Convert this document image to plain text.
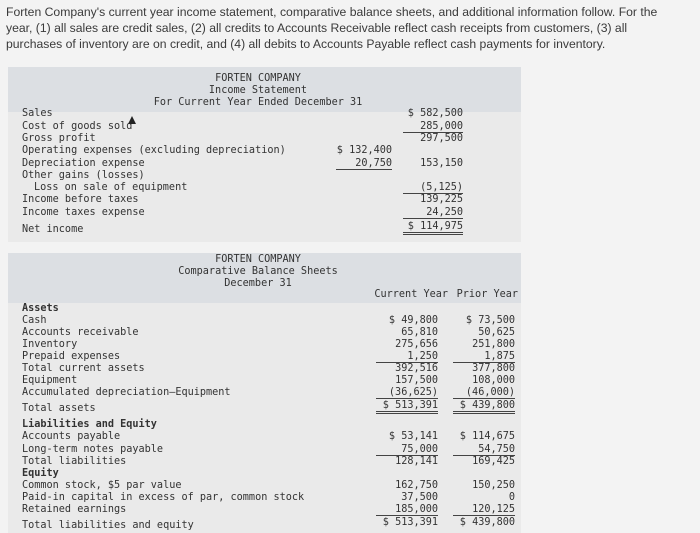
Forten Company's current year income statement, comparative balance sheets, and additional information follow. For the
year, (1) all sales are credit sales, (2) all credits to Accounts Receivable reflect cash receipts from customers, (3) all
purchases of inventory are on credit, and (4) all debits to Accounts Payable reflect cash payments for inventory.
FORTEN COMPANY
Income Statement
For Current Year Ended December 31
Sales
Cost of goods sold
Gross profit
Operating expenses (excluding depreciation)
Depreciation expense
Other gains (losses)
Loss on sale of equipment
Income before taxes
Income taxes expense
Net income
$ 132,400
20,750
$ 582,500
285,000
297,500
153,150
(5,125)
139,225
24,250
$ 114,975
FORTEN COMPANY
Comparative Balance Sheets
December 31
Current Year Prior Year
Assets
Cash
Accounts receivable
Inventory
Prepaid expenses
Total current assets
Equipment
Accumulated depreciation—Equipment
Total assets
Liabilities and Equity
Accounts payable
Long-term notes payable
Total liabilities
Equity
Common stock, $5 par value
Paid-in capital in excess of par, common stock
Retained earnings
Total liabilities and equity
$ 49,800
65,810
275,656
1,250
392,516
157,500
(36,625)
$ 513,391
$ 53,141
75,000
128,141
162,750
37,500
185,000
$ 513,391
$ 73,500
50,625
251,800
1,875
377,800
108,000
(46,000)
$ 439,800
$ 114,675
54,750
169,425
150,250
0
120,125
$ 439,800
